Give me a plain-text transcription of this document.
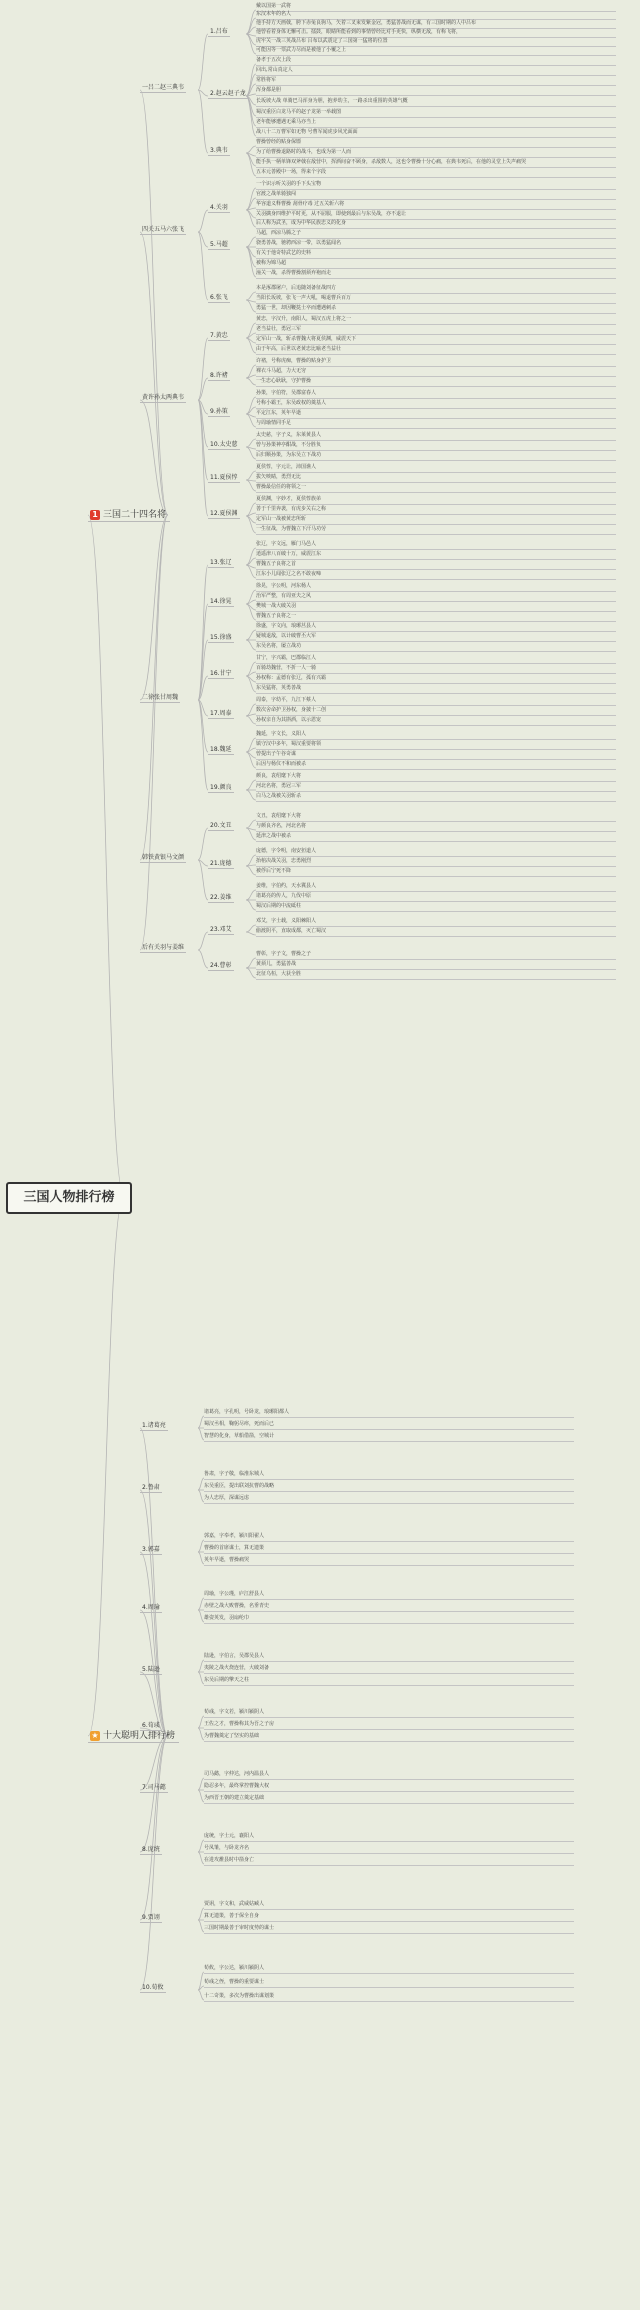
三国人物排行榜
1 三国二十四名将
一吕二赵三典韦
1.吕布
戴以国第一武将
东汉末年的名人
他手持方天画戟，胯下赤兔良驹马，矢着三叉束发紫金冠，勇猛善战而无谋，有三国时期的人中吕布
他曾看着身体无懈可击。擂鼓，眼睛所能看到的事情曾经比对手更快，纵横无敌，有称飞将，
虎牢关一战三英战吕布 吕布以武震定了三国第一猛将的位置
可能因等一票武力尽而是被他了小覆之上
2.赵云赵子龙
备孝于五次上段
回出,常山真定人
常胜将军
浑身都是胆
长坂坡大战 单骑巴马浑身为胆，抱养幼主，一路杀出重围的英雄气概
蜀汉重臣白龙马平的赵子龙第一举载图
老年能够遭遇无乘马亦当上
战八十二万曹军如无物 号曹军闻虎步风光面面
3.典韦
曹操曾经的贴身保镖
为了给曹操退路时的战斗，也成为第一人而
能手执一柄单锋双斧戟在敌营中，挥洒间奋不顾身，杀敌数人，这也令曹操十分心痛，在典韦死后，在他的灵堂上失声痛哭
五本元善殿中一场，得来个字段
四关五马六张飞
4.关羽
一个识示听关羽的手下头宝物
官渡之战单骑独闯
华容道义释曹操 刮骨疗毒 过五关斩六将
关羽擒身四维护平时更，从不屈服，即使到最后与东吴战，亦不退让
后人称为武圣，成为中华民族忠义的化身
5.马超
马超，西凉马腾之子
骁勇善战，驰骋西凉一带，以勇猛闻名
有关于他奇特武艺的史料
被称为锦马超
潼关一战，杀得曹操割须弃袍而走
6.张飞
本是涿郡屠户，后追随刘备征战四方
当阳长坂坡，张飞一声大吼，喝退曹兵百万
勇猛一世，却因鞭挞士卒而遭遇刺杀
黄许孙太两典韦
7.黄忠
黄忠，字汉升，南阳人，蜀汉五虎上将之一
老当益壮，勇冠三军
定军山一战，斩杀曹魏大将夏侯渊，威震天下
由于年高，后世以老黄忠比喻老当益壮
8.许褚
许褚，号称虎痴，曹操的贴身护卫
裸衣斗马超，力大无穷
一生忠心耿耿，守护曹操
9.孙策
孙策，字伯符，吴郡富春人
号称小霸王，东吴政权的奠基人
平定江东，英年早逝
与周瑜情同手足
10.太史慈
太史慈，字子义，东莱黄县人
曾与孙策神亭酣战，不分胜负
后归顺孙策，为东吴立下战功
11.夏侯惇
夏侯惇，字元让，沛国谯人
拔矢啖睛，勇烈无比
曹操最信任的将领之一
12.夏侯渊
夏侯渊，字妙才，夏侯惇族弟
善于千里奔袭，有虎步关右之称
定军山一战被黄忠所斩
一生征战，为曹魏立下汗马功劳
二徐张甘周魏
13.张辽
张辽，字文远，雁门马邑人
逍遥津八百破十万，威震江东
曹魏五子良将之首
江东小儿闻张辽之名不敢夜啼
14.徐晃
徐晃，字公明，河东杨人
治军严整，有周亚夫之风
樊城一战大破关羽
曹魏五子良将之一
15.徐盛
徐盛，字文向，琅琊莒县人
疑城退敌，以计破曹丕大军
东吴名将，屡立战功
16.甘宁
甘宁，字兴霸，巴郡临江人
百骑劫魏营，不折一人一骑
孙权称：孟德有张辽，孤有兴霸
东吴猛将，英勇善战
17.周泰
周泰，字幼平，九江下蔡人
数次舍命护卫孙权，身披十二创
孙权亲自为其斟酒，以示恩宠
18.魏延
魏延，字文长，义阳人
镇守汉中多年，蜀汉重要将领
曾提出子午谷奇谋
后因与杨仪不和而被杀
19.颜良
颜良，袁绍麾下大将
河北名将，勇冠三军
白马之战被关羽斩杀
韩铁黄银马文颜
20.文丑
文丑，袁绍麾下大将
与颜良齐名，河北名将
延津之战中被杀
21.庞德
庞德，字令明，南安狟道人
抬棺决战关羽，忠勇刚烈
被俘后宁死不降
22.姜维
姜维，字伯约，天水冀县人
诸葛亮的传人，九伐中原
蜀汉后期的中流砥柱
后有关羽与姜维
23.邓艾
邓艾，字士载，义阳棘阳人
偷渡阴平，直取成都，灭亡蜀汉
24.曹彰
曹彰，字子文，曹操之子
黄须儿，勇猛善战
北征乌桓，大获全胜
★ 十大聪明人排行榜
1.诸葛亮
诸葛亮，字孔明，号卧龙，琅琊阳都人
蜀汉丞相，鞠躬尽瘁，死而后已
智慧的化身，草船借箭，空城计
2.鲁肃
鲁肃，字子敬，临淮东城人
东吴重臣，提出联刘抗曹的战略
为人忠厚，深谋远虑
3.郭嘉
郭嘉，字奉孝，颍川阳翟人
曹操的首席谋士，算无遗策
英年早逝，曹操痛哭
4.周瑜
周瑜，字公瑾，庐江舒县人
赤壁之战大败曹操，名垂青史
雄姿英发，羽扇纶巾
5.陆逊
陆逊，字伯言，吴郡吴县人
夷陵之战火烧连营，大破刘备
东吴后期的擎天之柱
6.荀彧
荀彧，字文若，颍川颍阴人
王佐之才，曹操称其为吾之子房
为曹魏奠定了坚实的基础
7.司马懿
司马懿，字仲达，河内温县人
隐忍多年，最终掌控曹魏大权
为西晋王朝的建立奠定基础
8.庞统
庞统，字士元，襄阳人
号凤雏，与卧龙齐名
在进攻雒县时中箭身亡
9.贾诩
贾诩，字文和，武威姑臧人
算无遗策，善于保全自身
三国时期最善于审时度势的谋士
10.荀攸
荀攸，字公达，颍川颍阴人
荀彧之侄，曹操的重要谋士
十二奇策，多次为曹操出谋划策
